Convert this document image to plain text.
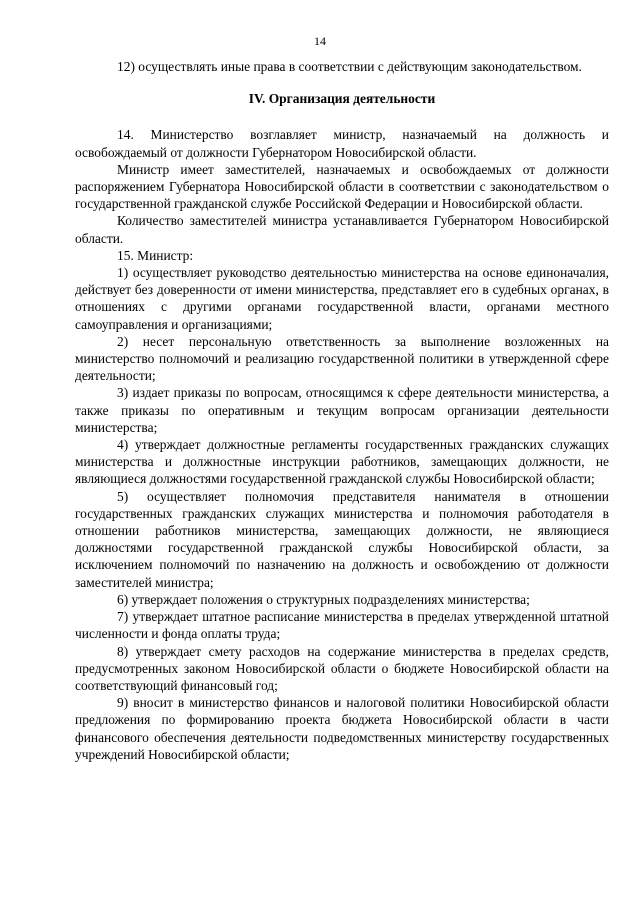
14

12) осуществлять иные права в соответствии с действующим законодательством.

IV. Организация деятельности

14. Министерство возглавляет министр, назначаемый на должность и освобождаемый от должности Губернатором Новосибирской области.

Министр имеет заместителей, назначаемых и освобождаемых от должности распоряжением Губернатора Новосибирской области в соответствии с законодательством о государственной гражданской службе Российской Федерации и Новосибирской области.

Количество заместителей министра устанавливается Губернатором Новосибирской области.

15. Министр:

1) осуществляет руководство деятельностью министерства на основе единоначалия, действует без доверенности от имени министерства, представляет его в судебных органах, в отношениях с другими органами государственной власти, органами местного самоуправления и организациями;

2) несет персональную ответственность за выполнение возложенных на министерство полномочий и реализацию государственной политики в утвержденной сфере деятельности;

3) издает приказы по вопросам, относящимся к сфере деятельности министерства, а также приказы по оперативным и текущим вопросам организации деятельности министерства;

4) утверждает должностные регламенты государственных гражданских служащих министерства и должностные инструкции работников, замещающих должности, не являющиеся должностями государственной гражданской службы Новосибирской области;

5) осуществляет полномочия представителя нанимателя в отношении государственных гражданских служащих министерства и полномочия работодателя в отношении работников министерства, замещающих должности, не являющиеся должностями государственной гражданской службы Новосибирской области, за исключением полномочий по назначению на должность и освобождению от должности заместителей министра;

6) утверждает положения о структурных подразделениях министерства;

7) утверждает штатное расписание министерства в пределах утвержденной штатной численности и фонда оплаты труда;

8) утверждает смету расходов на содержание министерства в пределах средств, предусмотренных законом Новосибирской области о бюджете Новосибирской области на соответствующий финансовый год;

9) вносит в министерство финансов и налоговой политики Новосибирской области предложения по формированию проекта бюджета Новосибирской области в части финансового обеспечения деятельности подведомственных министерству государственных учреждений Новосибирской области;
